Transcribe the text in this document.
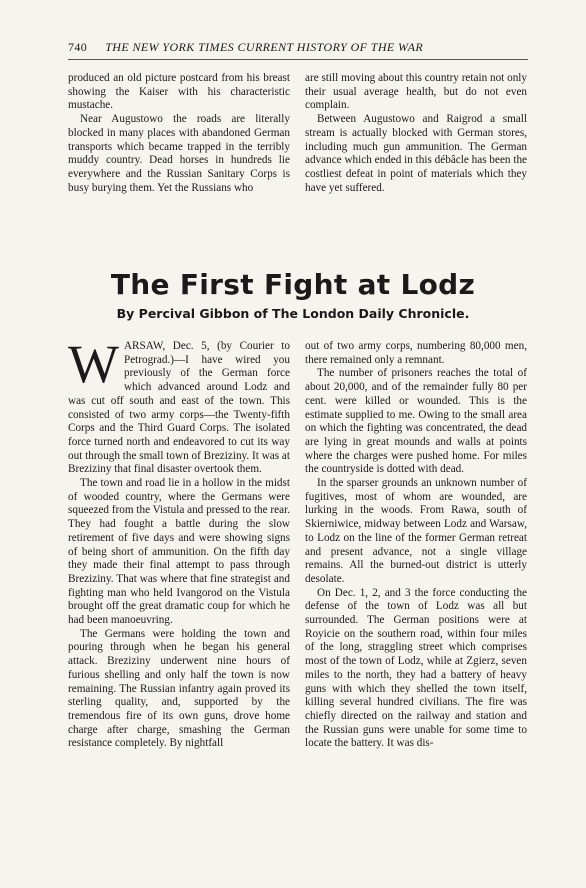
740 THE NEW YORK TIMES CURRENT HISTORY OF THE WAR

produced an old picture postcard from his breast showing the Kaiser with his characteristic mustache.

Near Augustowo the roads are literally blocked in many places with abandoned German transports which became trapped in the terribly muddy country. Dead horses in hundreds lie everywhere and the Russian Sanitary Corps is busy burying them. Yet the Russians who

are still moving about this country retain not only their usual average health, but do not even complain.

Between Augustowo and Raigrod a small stream is actually blocked with German stores, including much gun ammunition. The German advance which ended in this débâcle has been the costliest defeat in point of materials which they have yet suffered.

The First Fight at Lodz
By Percival Gibbon of The London Daily Chronicle.

WARSAW, Dec. 5, (by Courier to Petrograd.)—I have wired you previously of the German force which advanced around Lodz and was cut off south and east of the town. This consisted of two army corps—the Twenty-fifth Corps and the Third Guard Corps. The isolated force turned north and endeavored to cut its way out through the small town of Breziziny. It was at Breziziny that final disaster overtook them.

The town and road lie in a hollow in the midst of wooded country, where the Germans were squeezed from the Vistula and pressed to the rear. They had fought a battle during the slow retirement of five days and were showing signs of being short of ammunition. On the fifth day they made their final attempt to pass through Breziziny. That was where that fine strategist and fighting man who held Ivangorod on the Vistula brought off the great dramatic coup for which he had been manoeuvring.

The Germans were holding the town and pouring through when he began his general attack. Breziziny underwent nine hours of furious shelling and only half the town is now remaining. The Russian infantry again proved its sterling quality, and, supported by the tremendous fire of its own guns, drove home charge after charge, smashing the German resistance completely. By nightfall

out of two army corps, numbering 80,000 men, there remained only a remnant.

The number of prisoners reaches the total of about 20,000, and of the remainder fully 80 per cent. were killed or wounded. This is the estimate supplied to me. Owing to the small area on which the fighting was concentrated, the dead are lying in great mounds and walls at points where the charges were pushed home. For miles the countryside is dotted with dead.

In the sparser grounds an unknown number of fugitives, most of whom are wounded, are lurking in the woods. From Rawa, south of Skierniwice, midway between Lodz and Warsaw, to Lodz on the line of the former German retreat and present advance, not a single village remains. All the burned-out district is utterly desolate.

On Dec. 1, 2, and 3 the force conducting the defense of the town of Lodz was all but surrounded. The German positions were at Royicie on the southern road, within four miles of the long, straggling street which comprises most of the town of Lodz, while at Zgierz, seven miles to the north, they had a battery of heavy guns with which they shelled the town itself, killing several hundred civilians. The fire was chiefly directed on the railway and station and the Russian guns were unable for some time to locate the battery. It was dis-
